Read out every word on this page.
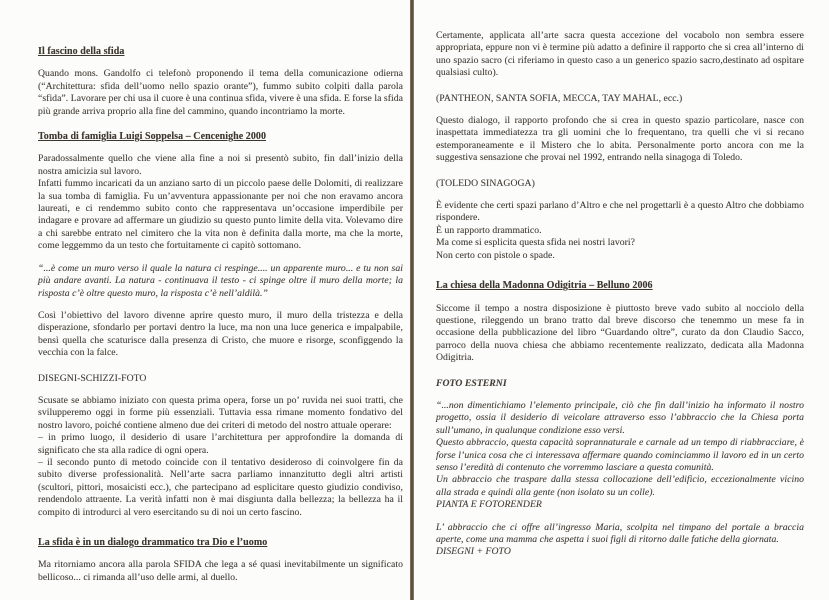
Il fascino della sfida
Quando mons. Gandolfo ci telefonò proponendo il tema della comunicazione odierna (“Architettura: sfida dell’uomo nello spazio orante”), fummo subito colpiti dalla parola “sfida”. Lavorare per chi usa il cuore è una continua sfida, vivere è una sfida. E forse la sfida più grande arriva proprio alla fine del cammino, quando incontriamo la morte.
Tomba di famiglia Luigi Soppelsa – Cencenighe 2000
Paradossalmente quello che viene alla fine a noi si presentò subito, fin dall’inizio della nostra amicizia sul lavoro.
Infatti fummo incaricati da un anziano sarto di un piccolo paese delle Dolomiti, di realizzare la sua tomba di famiglia. Fu un’avventura appassionante per noi che non eravamo ancora laureati, e ci rendemmo subito conto che rappresentava un’occasione imperdibile per indagare e provare ad affermare un giudizio su questo punto limite della vita. Volevamo dire a chi sarebbe entrato nel cimitero che la vita non è definita dalla morte, ma che la morte, come leggemmo da un testo che fortuitamente ci capitò sottomano.
“...è come un muro verso il quale la natura ci respinge.... un apparente muro... e tu non sai più andare avanti. La natura - continuava il testo - ci spinge oltre il muro della morte; la risposta c’è oltre questo muro, la risposta c’è nell’aldilà.”
Così l’obiettivo del lavoro divenne aprire questo muro, il muro della tristezza e della disperazione, sfondarlo per portavi dentro la luce, ma non una luce generica e impalpabile, bensì quella che scaturisce dalla presenza di Cristo, che muore e risorge, sconfiggendo la vecchia con la falce.
DISEGNI-SCHIZZI-FOTO
Scusate se abbiamo iniziato con questa prima opera, forse un po’ ruvida nei suoi tratti, che svilupperemo oggi in forme più essenziali. Tuttavia essa rimane momento fondativo del nostro lavoro, poiché contiene almeno due dei criteri di metodo del nostro attuale operare:
– in primo luogo, il desiderio di usare l’architettura per approfondire la domanda di significato che sta alla radice di ogni opera.
– il secondo punto di metodo coincide con il tentativo desideroso di coinvolgere fin da subito diverse professionalità. Nell’arte sacra parliamo innanzitutto degli altri artisti (scultori, pittori, mosaicisti ecc.), che partecipano ad esplicitare questo giudizio condiviso, rendendolo attraente. La verità infatti non è mai disgiunta dalla bellezza; la bellezza ha il compito di introdurci al vero esercitando su di noi un certo fascino.
La sfida è in un dialogo drammatico tra Dio e l’uomo
Ma ritorniamo ancora alla parola SFIDA che lega a sé quasi inevitabilmente un significato bellicoso... ci rimanda all’uso delle armi, al duello.
Certamente, applicata all’arte sacra questa accezione del vocabolo non sembra essere appropriata, eppure non vi è termine più adatto a definire il rapporto che si crea all’interno di uno spazio sacro (ci riferiamo in questo caso a un generico spazio sacro,destinato ad ospitare qualsiasi culto).
(PANTHEON, SANTA SOFIA, MECCA, TAY MAHAL, ecc.)
Questo dialogo, il rapporto profondo che si crea in questo spazio particolare, nasce con inaspettata immediatezza tra gli uomini che lo frequentano, tra quelli che vi si recano estemporaneamente e il Mistero che lo abita. Personalmente porto ancora con me la suggestiva sensazione che provai nel 1992, entrando nella sinagoga di Toledo.
(TOLEDO SINAGOGA)
È evidente che certi spazi parlano d’Altro e che nel progettarli è a questo Altro che dobbiamo rispondere.
È un rapporto drammatico.
Ma come si esplicita questa sfida nei nostri lavori?
Non certo con pistole o spade.
La chiesa della Madonna Odigitria – Belluno 2006
Siccome il tempo a nostra disposizione è piuttosto breve vado subito al nocciolo della questione, rileggendo un brano tratto dal breve discorso che tenemmo un mese fa in occasione della pubblicazione del libro “Guardando oltre”, curato da don Claudio Sacco, parroco della nuova chiesa che abbiamo recentemente realizzato, dedicata alla Madonna Odigitria.
FOTO ESTERNI
“...non dimentichiamo l’elemento principale, ciò che fin dall’inizio ha informato il nostro progetto, ossia il desiderio di veicolare attraverso esso l’abbraccio che la Chiesa porta sull’umano, in qualunque condizione esso versi.
Questo abbraccio, questa capacità soprannaturale e carnale ad un tempo di riabbracciare, è forse l’unica cosa che ci interessava affermare quando cominciammo il lavoro ed in un certo senso l’eredità di contenuto che vorremmo lasciare a questa comunità.
Un abbraccio che traspare dalla stessa collocazione dell’edificio, eccezionalmente vicino alla strada e quindi alla gente (non isolato su un colle).
PIANTA E FOTORENDER
L’ abbraccio che ci offre all’ingresso Maria, scolpita nel timpano del portale a braccia aperte, come una mamma che aspetta i suoi figli di ritorno dalle fatiche della giornata.
DISEGNI + FOTO
